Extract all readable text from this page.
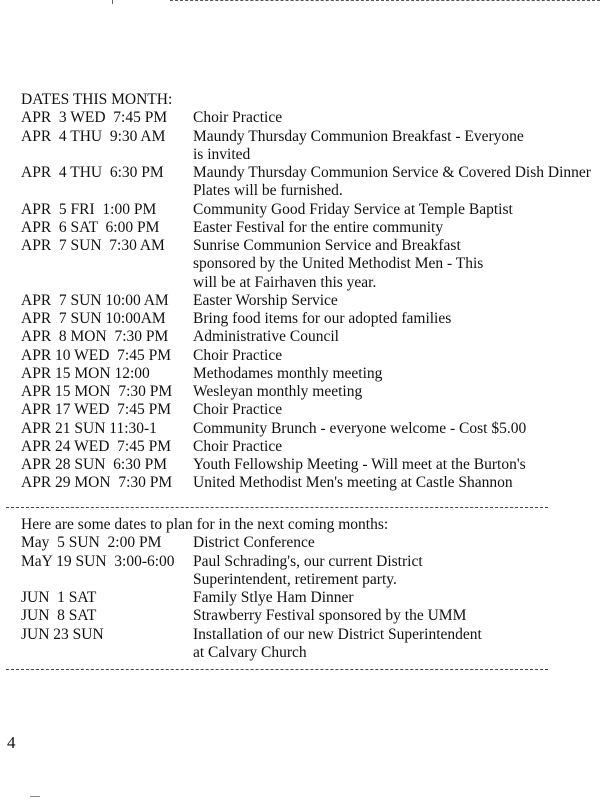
DATES THIS MONTH:
APR  3 WED  7:45 PM	Choir Practice
APR  4 THU  9:30 AM	Maundy Thursday Communion Breakfast - Everyone
is invited
APR  4 THU  6:30 PM	Maundy Thursday Communion Service & Covered Dish Dinner
Plates will be furnished.
APR  5 FRI  1:00 PM	Community Good Friday Service at Temple Baptist
APR  6 SAT  6:00 PM	Easter Festival for the entire community
APR  7 SUN  7:30 AM	Sunrise Communion Service and Breakfast
sponsored by the United Methodist Men - This
will be at Fairhaven this year.
APR  7 SUN 10:00 AM	Easter Worship Service
APR  7 SUN 10:00AM	Bring food items for our adopted families
APR  8 MON  7:30 PM	Administrative Council
APR 10 WED  7:45 PM	Choir Practice
APR 15 MON 12:00	Methodames monthly meeting
APR 15 MON  7:30 PM	Wesleyan monthly meeting
APR 17 WED  7:45 PM	Choir Practice
APR 21 SUN 11:30-1	Community Brunch - everyone welcome - Cost $5.00
APR 24 WED  7:45 PM	Choir Practice
APR 28 SUN  6:30 PM	Youth Fellowship Meeting - Will meet at the Burton's
APR 29 MON  7:30 PM	United Methodist Men's meeting at Castle Shannon
Here are some dates to plan for in the next coming months:
May  5 SUN  2:00 PM	District Conference
MaY 19 SUN  3:00-6:00	Paul Schrading's, our current District
Superintendent, retirement party.
JUN  1 SAT	Family Stlye Ham Dinner
JUN  8 SAT	Strawberry Festival sponsored by the UMM
JUN 23 SUN	Installation of our new District Superintendent
at Calvary Church
4
